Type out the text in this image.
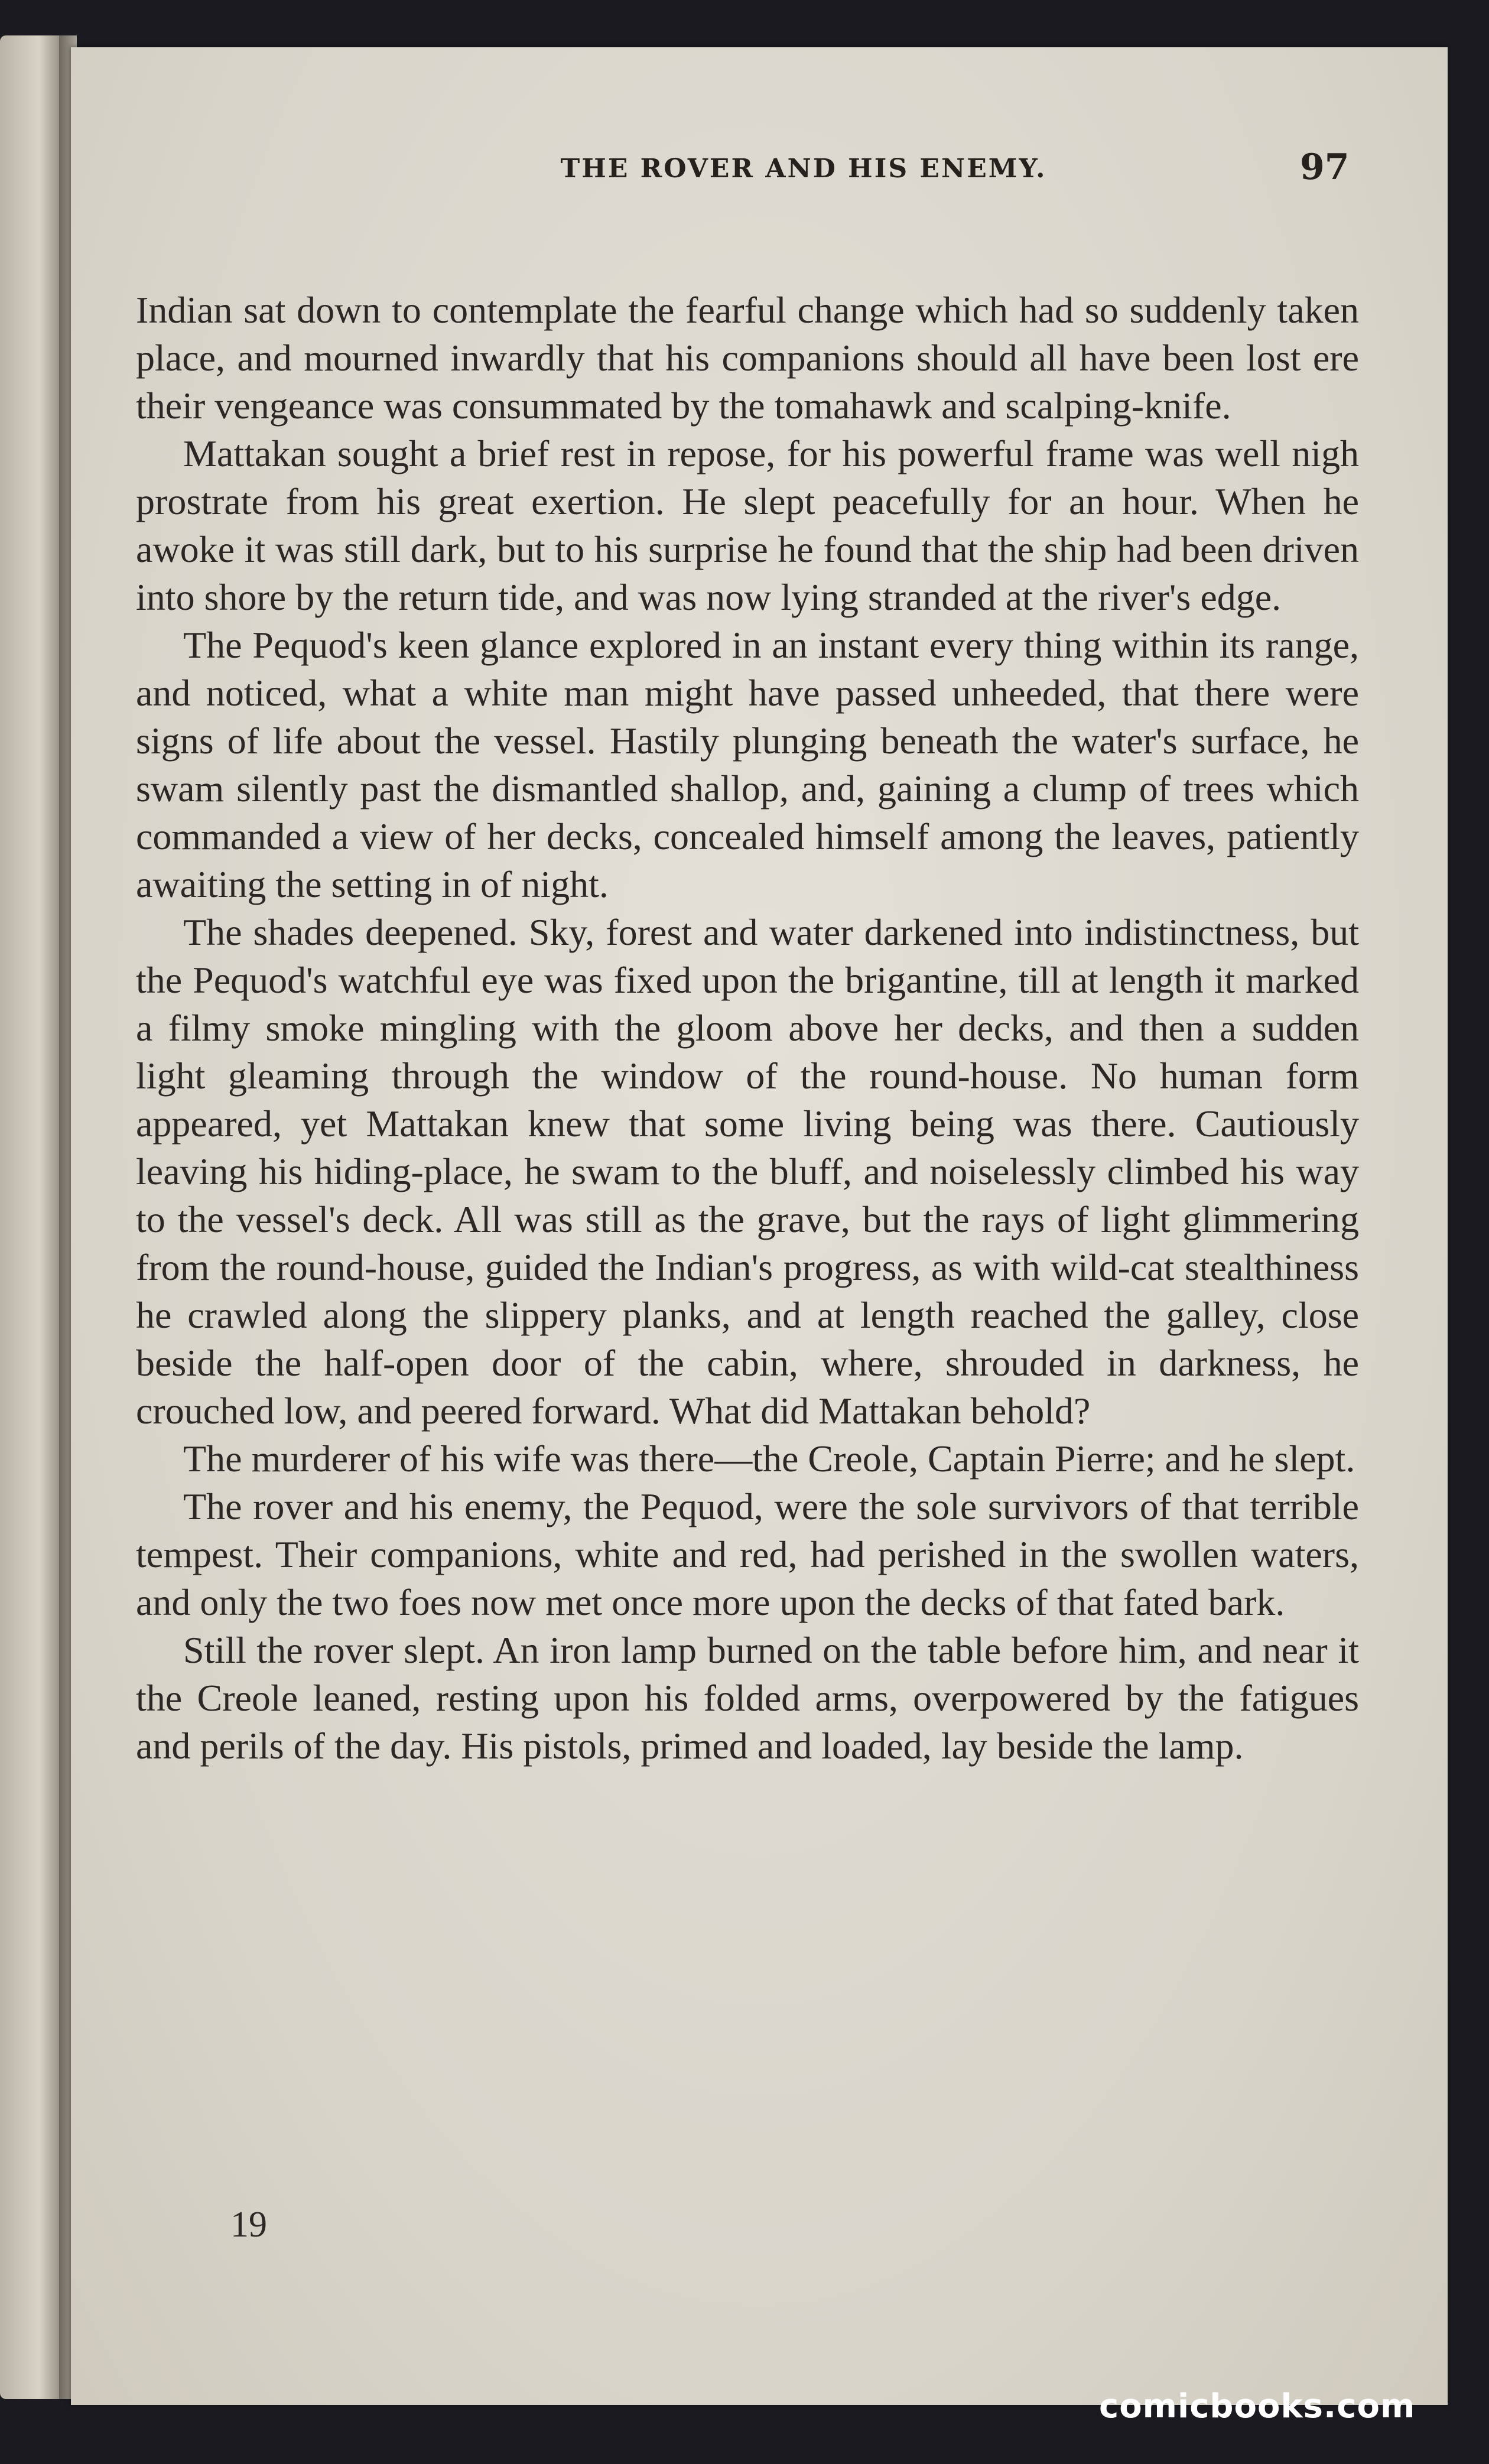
THE ROVER AND HIS ENEMY.	97

Indian sat down to contemplate the fearful change which had so suddenly taken place, and mourned inwardly that his companions should all have been lost ere their vengeance was consummated by the tomahawk and scalping-knife.

Mattakan sought a brief rest in repose, for his powerful frame was well nigh prostrate from his great exertion. He slept peacefully for an hour. When he awoke it was still dark, but to his surprise he found that the ship had been driven into shore by the return tide, and was now lying stranded at the river's edge.

The Pequod's keen glance explored in an instant every thing within its range, and noticed, what a white man might have passed unheeded, that there were signs of life about the vessel. Hastily plunging beneath the water's surface, he swam silently past the dismantled shallop, and, gaining a clump of trees which commanded a view of her decks, concealed himself among the leaves, patiently awaiting the setting in of night.

The shades deepened. Sky, forest and water darkened into indistinctness, but the Pequod's watchful eye was fixed upon the brigantine, till at length it marked a filmy smoke mingling with the gloom above her decks, and then a sudden light gleaming through the window of the round-house. No human form appeared, yet Mattakan knew that some living being was there. Cautiously leaving his hiding-place, he swam to the bluff, and noiselessly climbed his way to the vessel's deck. All was still as the grave, but the rays of light glimmering from the round-house, guided the Indian's progress, as with wild-cat stealthiness he crawled along the slippery planks, and at length reached the galley, close beside the half-open door of the cabin, where, shrouded in darkness, he crouched low, and peered forward. What did Mattakan behold?

The murderer of his wife was there—the Creole, Captain Pierre; and he slept.

The rover and his enemy, the Pequod, were the sole survivors of that terrible tempest. Their companions, white and red, had perished in the swollen waters, and only the two foes now met once more upon the decks of that fated bark.

Still the rover slept. An iron lamp burned on the table before him, and near it the Creole leaned, resting upon his folded arms, overpowered by the fatigues and perils of the day. His pistols, primed and loaded, lay beside the lamp.

19
comicbooks.com
